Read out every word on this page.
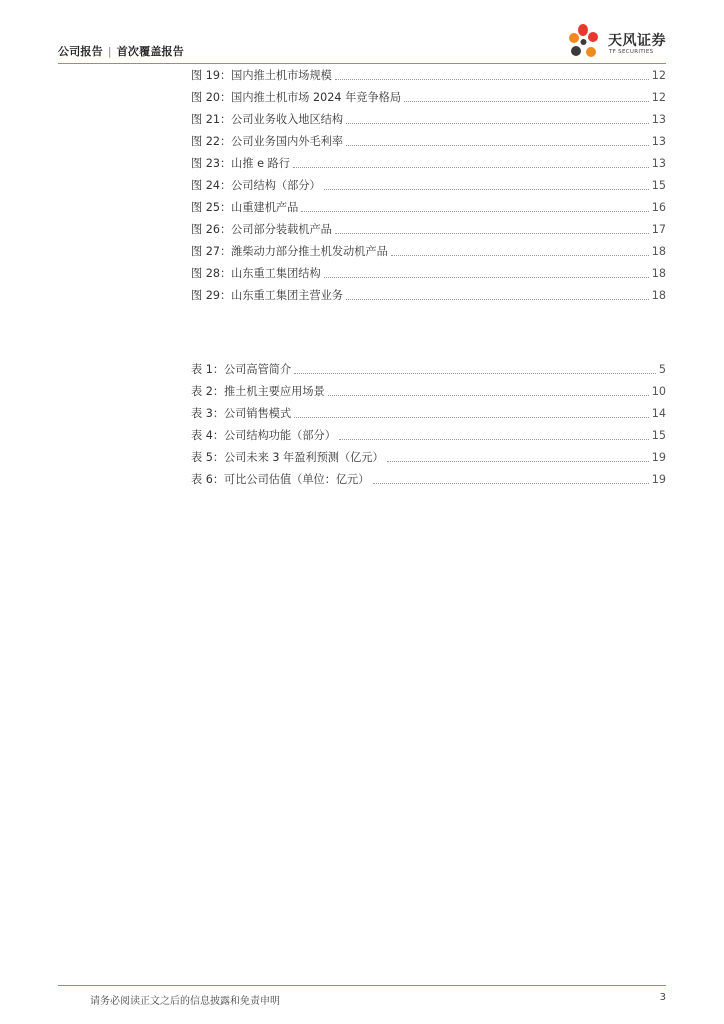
公司报告 | 首次覆盖报告
天风证券
TF SECURITIES
图 19：国内推土机市场规模	12
图 20：国内推土机市场 2024 年竞争格局	12
图 21：公司业务收入地区结构	13
图 22：公司业务国内外毛利率	13
图 23：山推 e 路行	13
图 24：公司结构（部分）	15
图 25：山重建机产品	16
图 26：公司部分装载机产品	17
图 27：潍柴动力部分推土机发动机产品	18
图 28：山东重工集团结构	18
图 29：山东重工集团主营业务	18
表 1：公司高管简介	5
表 2：推土机主要应用场景	10
表 3：公司销售模式	14
表 4：公司结构功能（部分）	15
表 5：公司未来 3 年盈利预测（亿元）	19
表 6：可比公司估值（单位：亿元）	19
请务必阅读正文之后的信息披露和免责申明	3
